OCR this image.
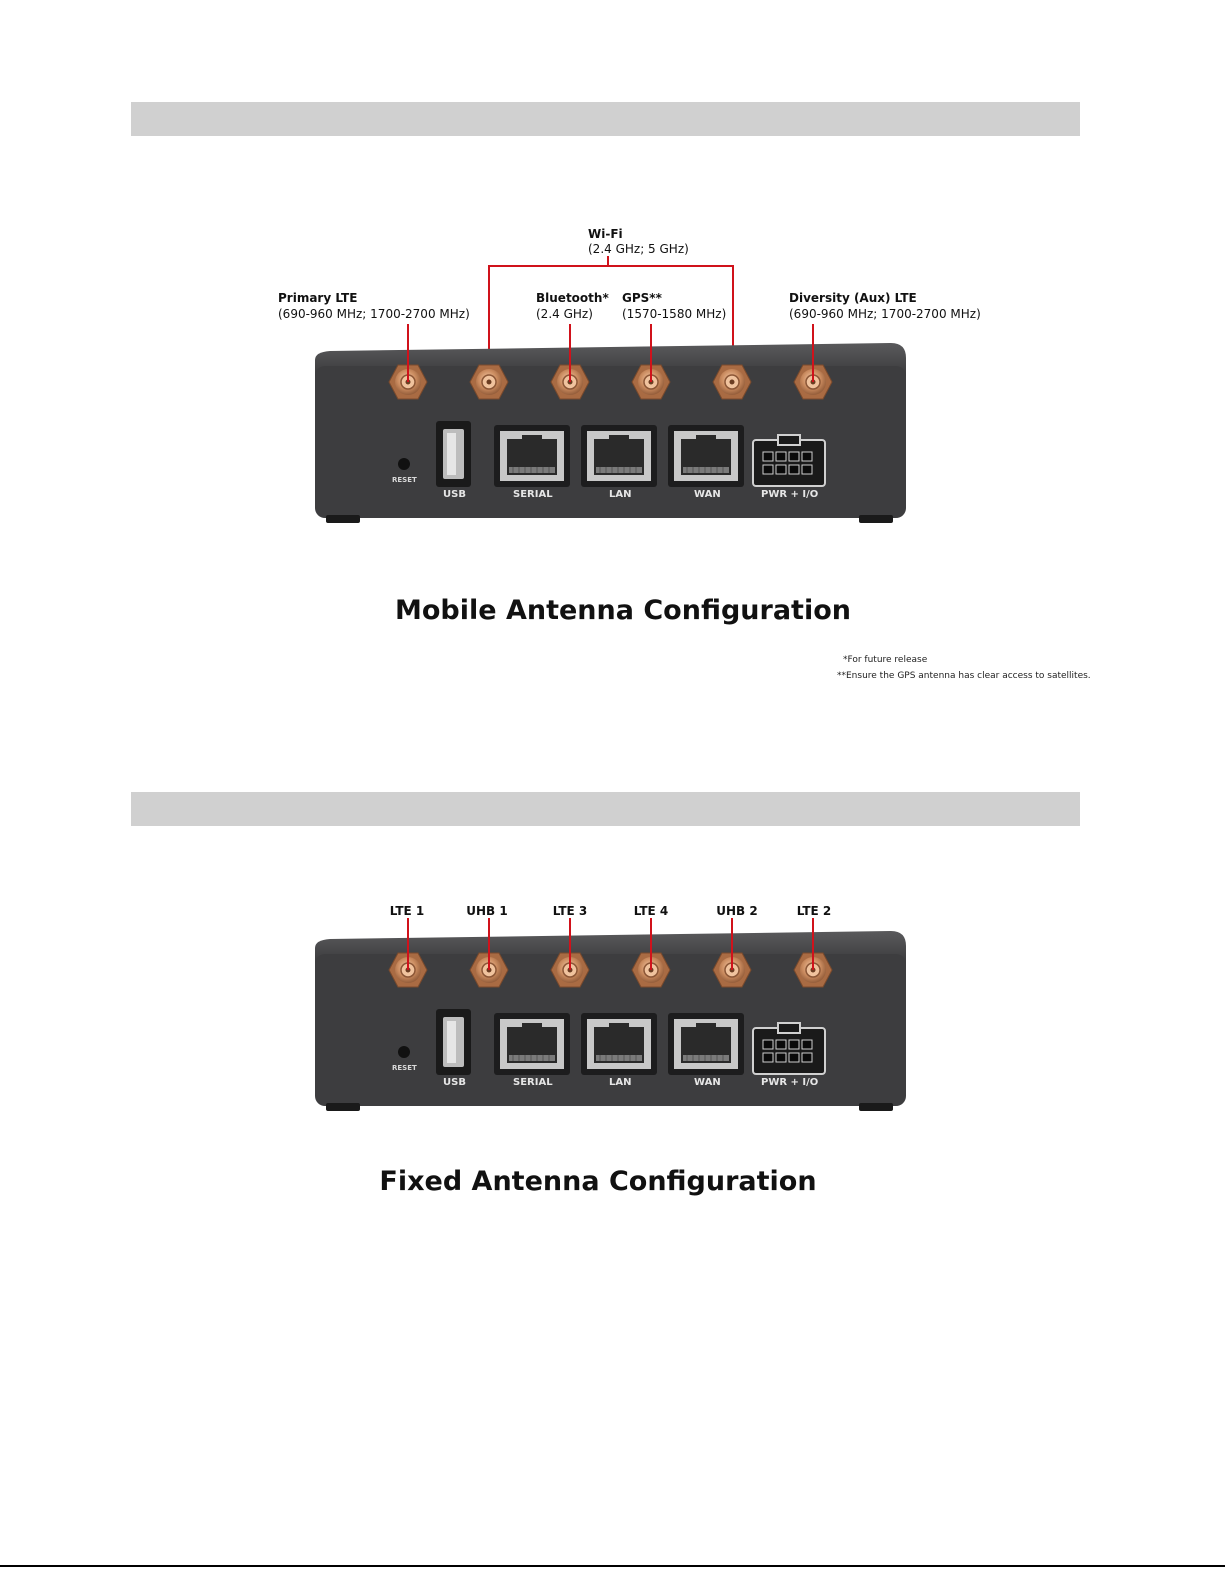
RESET
USB	SERIAL	LAN	WAN	PWR + I/O
Wi-Fi
(2.4 GHz; 5 GHz)
Primary LTE
(690-960 MHz; 1700-2700 MHz)
Bluetooth*
(2.4 GHz)
GPS**
(1570-1580 MHz)
Diversity (Aux) LTE
(690-960 MHz; 1700-2700 MHz)
Mobile Antenna Configuration
*For future release
**Ensure the GPS antenna has clear access to satellites.
RESET
USB	SERIAL	LAN	WAN	PWR + I/O
LTE 1	UHB 1	LTE 3	LTE 4	UHB 2	LTE 2
Fixed Antenna Configuration
